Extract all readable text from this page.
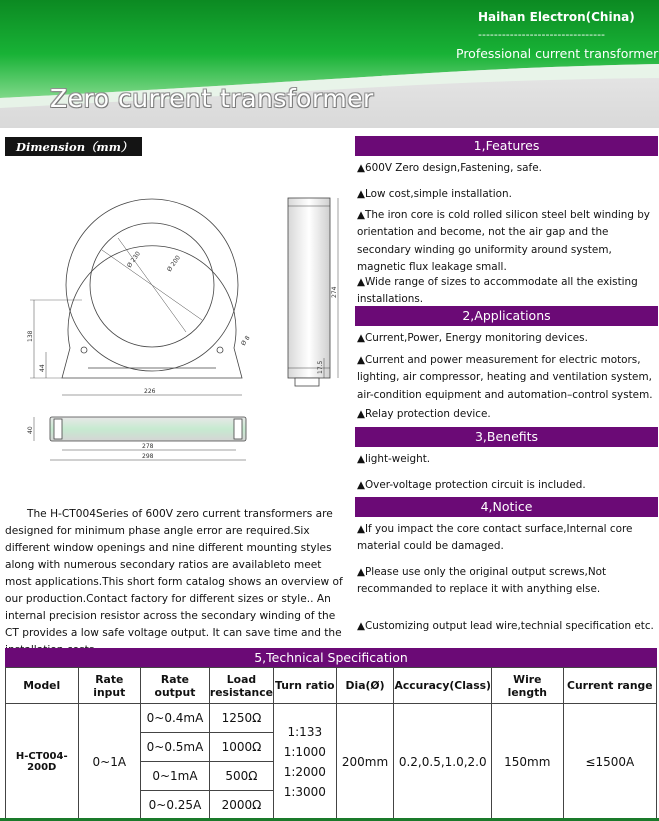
Haihan Electron(China)
--------------------------------
Professional current transformer
Zero current transformer
Dimension（mm）
Ø 230	Ø 200
Ø 8
138
44
274
17.5
226
40
278
298

The H-CT004Series of 600V zero current transformers are designed for minimum phase angle error are required.Six different window openings and nine different mounting styles along with numerous secondary ratios are availableto meet most applications.This short form catalog shows an overview of our production.Contact factory for different sizes or style.. An internal precision resistor across the secondary winding of the CT provides a low safe voltage output. It can save time and the

1,Features
▲600V Zero design,Fastening, safe.
▲Low cost,simple installation.
▲The iron core is cold rolled silicon steel belt winding by orientation and become, not the air gap and the secondary winding go uniformity around system, magnetic flux leakage small.
▲Wide range of sizes to accommodate all the existing installations.
2,Applications
▲Current,Power, Energy monitoring devices.
▲Current and power measurement for electric motors, lighting, air compressor, heating and ventilation system, air-condition equipment and automation–control system.
▲Relay protection device.
3,Benefits
▲light-weight.
▲Over-voltage protection circuit is included.
4,Notice
▲If you impact the core contact surface,Internal core material could be damaged.
▲Please use only the original output screws,Not recommanded to replace it with anything else.
▲Customizing output lead wire,technial specification etc.
5,Technical Specification
Model	Rate input	Rate output	Load resistance	Turn ratio	Dia(Ø)	Accuracy(Class)	Wire length	Current range
H-CT004-200D	0~1A	0~0.4mA	1250Ω	1:133
1:1000
1:2000
1:3000	200mm	0.2,0.5,1.0,2.0	150mm	≤1500A
		0~0.5mA	1000Ω					
		0~1mA	500Ω					
		0~0.25A	2000Ω					
